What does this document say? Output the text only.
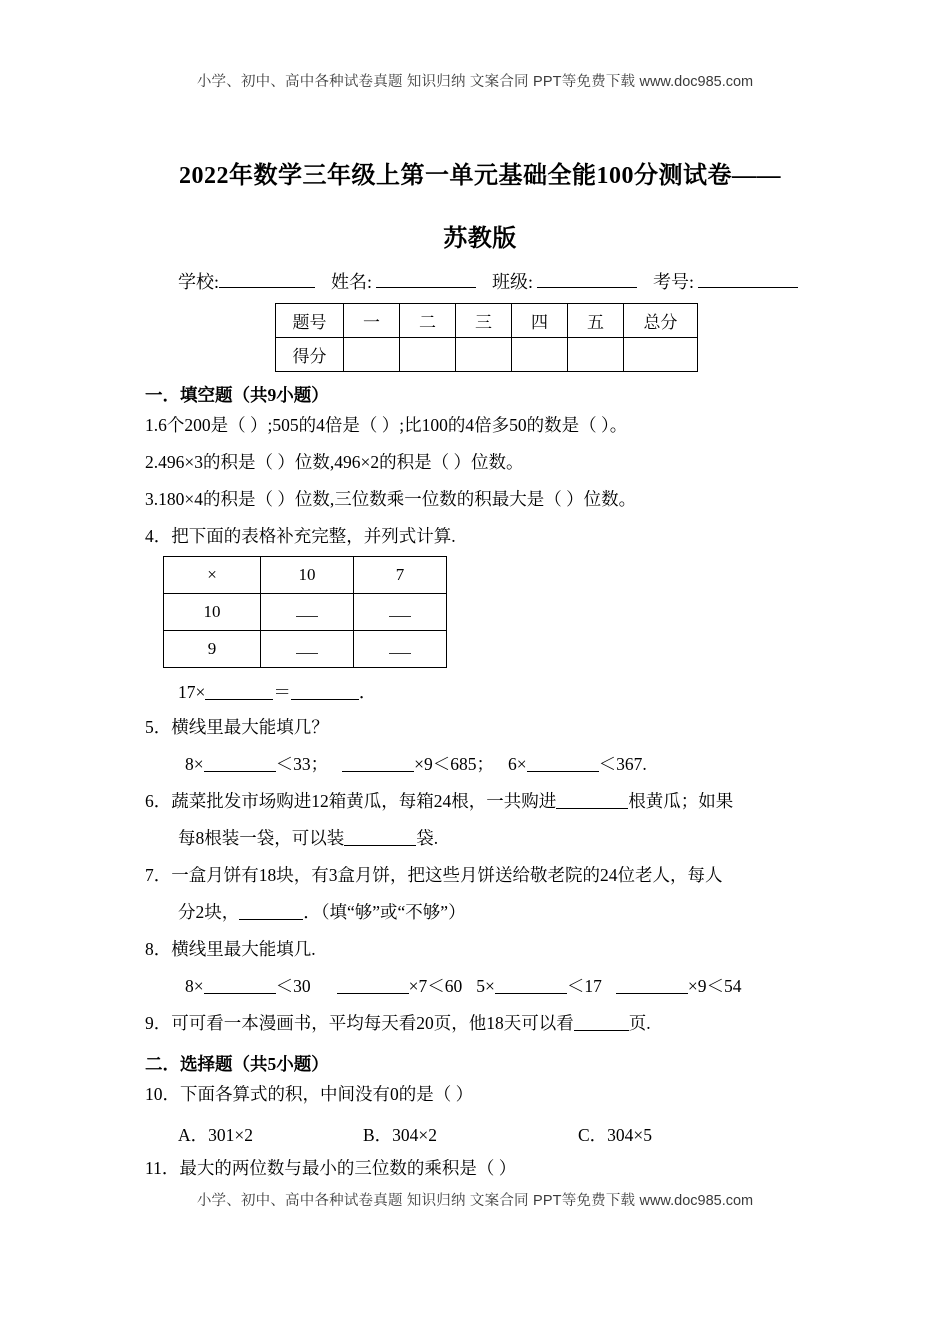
小学、初中、高中各种试卷真题 知识归纳 文案合同 PPT等免费下载 www.doc985.com
2022年数学三年级上第一单元基础全能100分测试卷——
苏教版
学校:	姓名:	班级:	考号:
题号	一	二	三	四	五	总分
得分						
一．填空题（共9小题）
1.6个200是（ ）;505的4倍是（ ）;比100的4倍多50的数是（ ）。
2.496×3的积是（ ）位数,496×2的积是（ ）位数。
3.180×4的积是（ ）位数,三位数乘一位数的积最大是（ ）位数。
4．把下面的表格补充完整，并列式计算.
×	10	7
10		
9		
17×	＝	．
5．横线里最大能填几？
8×	＜33；	×9＜685； 6×	＜367.
6．蔬菜批发市场购进12箱黄瓜，每箱24根，一共购进	根黄瓜；如果
每8根装一袋，可以装	袋.
7．一盒月饼有18块，有3盒月饼，把这些月饼送给敬老院的24位老人，每人
分2块，	．（填“够”或“不够”）
8．横线里最大能填几.
8×	＜30	×7＜60 5×	＜17	×9＜54
9．可可看一本漫画书，平均每天看20页，他18天可以看	页.
二．选择题（共5小题）
10．下面各算式的积，中间没有0的是（ ）
A．301×2	B．304×2	C．304×5
11．最大的两位数与最小的三位数的乘积是（ ）
小学、初中、高中各种试卷真题 知识归纳 文案合同 PPT等免费下载 www.doc985.com
